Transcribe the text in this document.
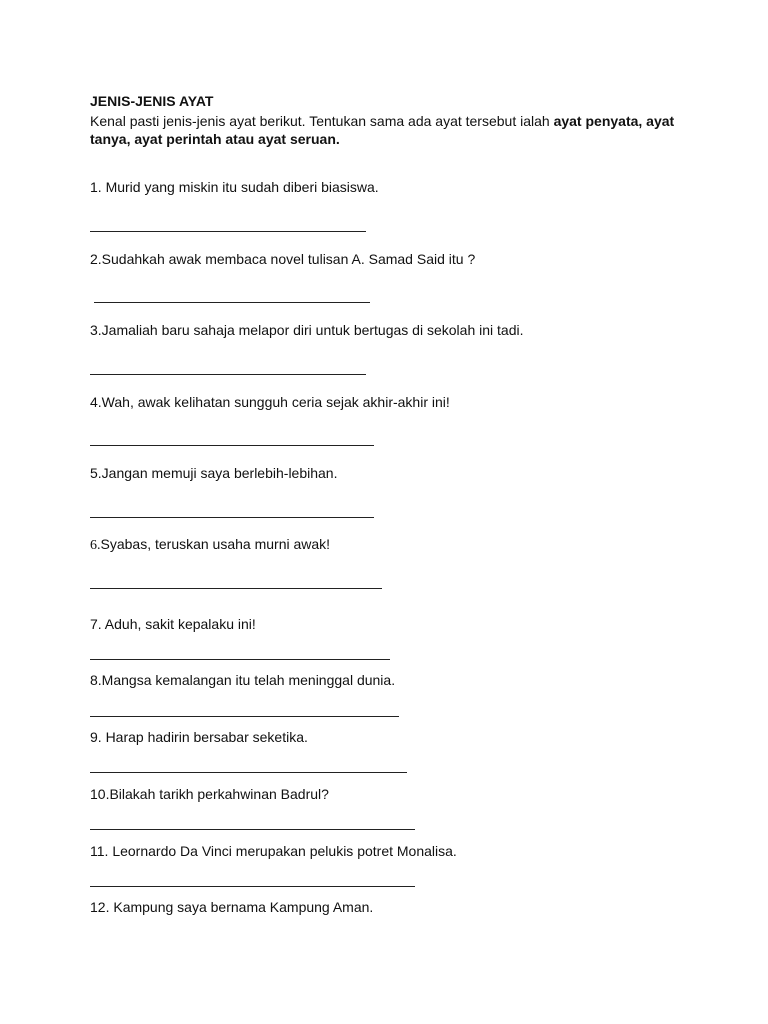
JENIS-JENIS AYAT
Kenal pasti jenis-jenis ayat berikut. Tentukan sama ada ayat tersebut ialah ayat penyata, ayat tanya, ayat perintah atau ayat seruan.
1. Murid yang miskin itu sudah diberi biasiswa.
2.Sudahkah awak membaca novel tulisan A. Samad Said itu ?
3.Jamaliah baru sahaja melapor diri untuk bertugas di sekolah ini tadi.
4.Wah, awak kelihatan sungguh ceria sejak akhir-akhir ini!
5.Jangan memuji saya berlebih-lebihan.
6.Syabas, teruskan usaha murni awak!
7. Aduh, sakit kepalaku ini!
8.Mangsa kemalangan itu telah meninggal dunia.
9. Harap hadirin bersabar seketika.
10.Bilakah tarikh perkahwinan Badrul?
11. Leornardo Da Vinci merupakan pelukis potret Monalisa.
12. Kampung saya bernama Kampung Aman.
